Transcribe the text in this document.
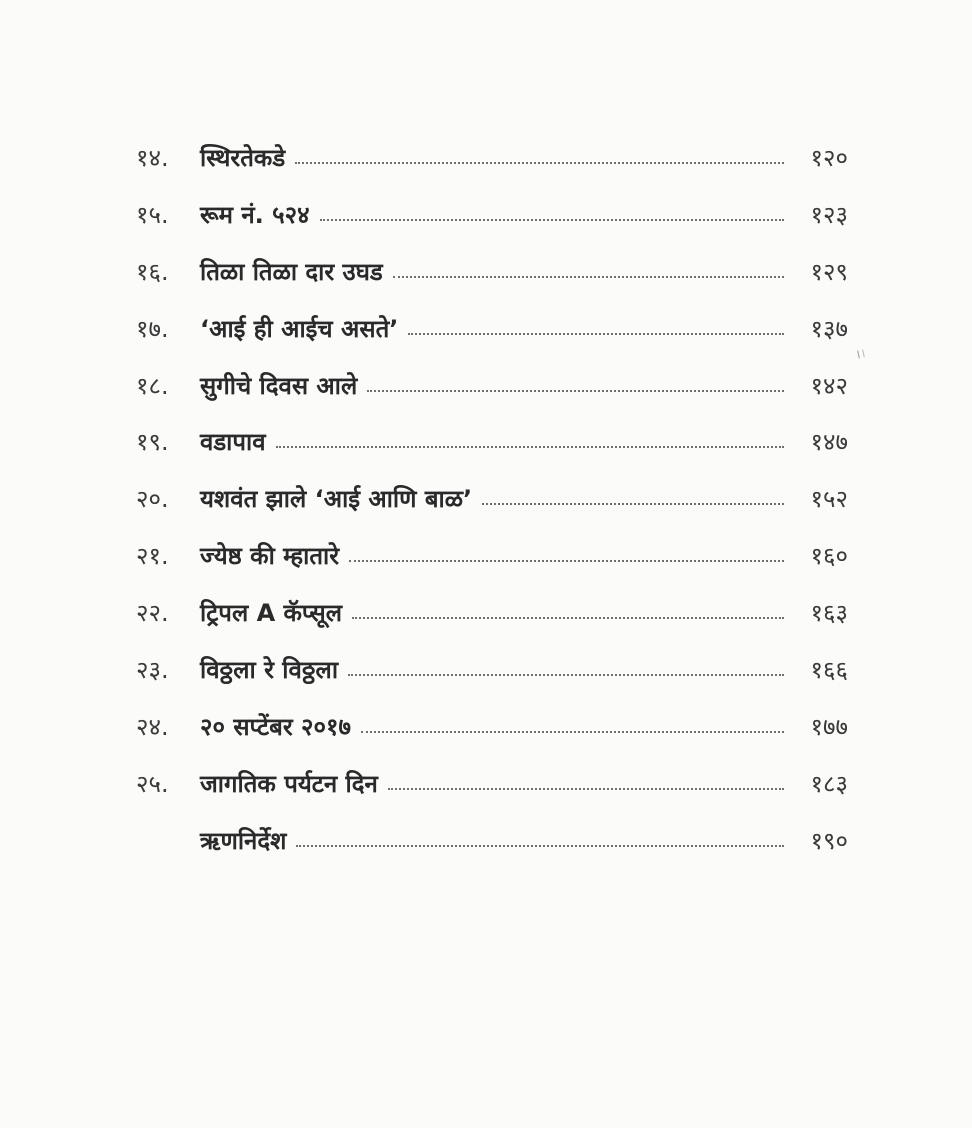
१४.	स्थिरतेकडे	१२०
१५.	रूम नं. ५२४	१२३
१६.	तिळा तिळा दार उघड	१२९
१७.	‘आई ही आईच असते’	१३७
१८.	सुगीचे दिवस आले	१४२
१९.	वडापाव	१४७
२०.	यशवंत झाले ‘आई आणि बाळ’	१५२
२१.	ज्येष्ठ की म्हातारे	१६०
२२.	ट्रिपल A कॅप्सूल	१६३
२३.	विठ्ठला रे विठ्ठला	१६६
२४.	२० सप्टेंबर २०१७	१७७
२५.	जागतिक पर्यटन दिन	१८३
ऋणनिर्देश	१९०
